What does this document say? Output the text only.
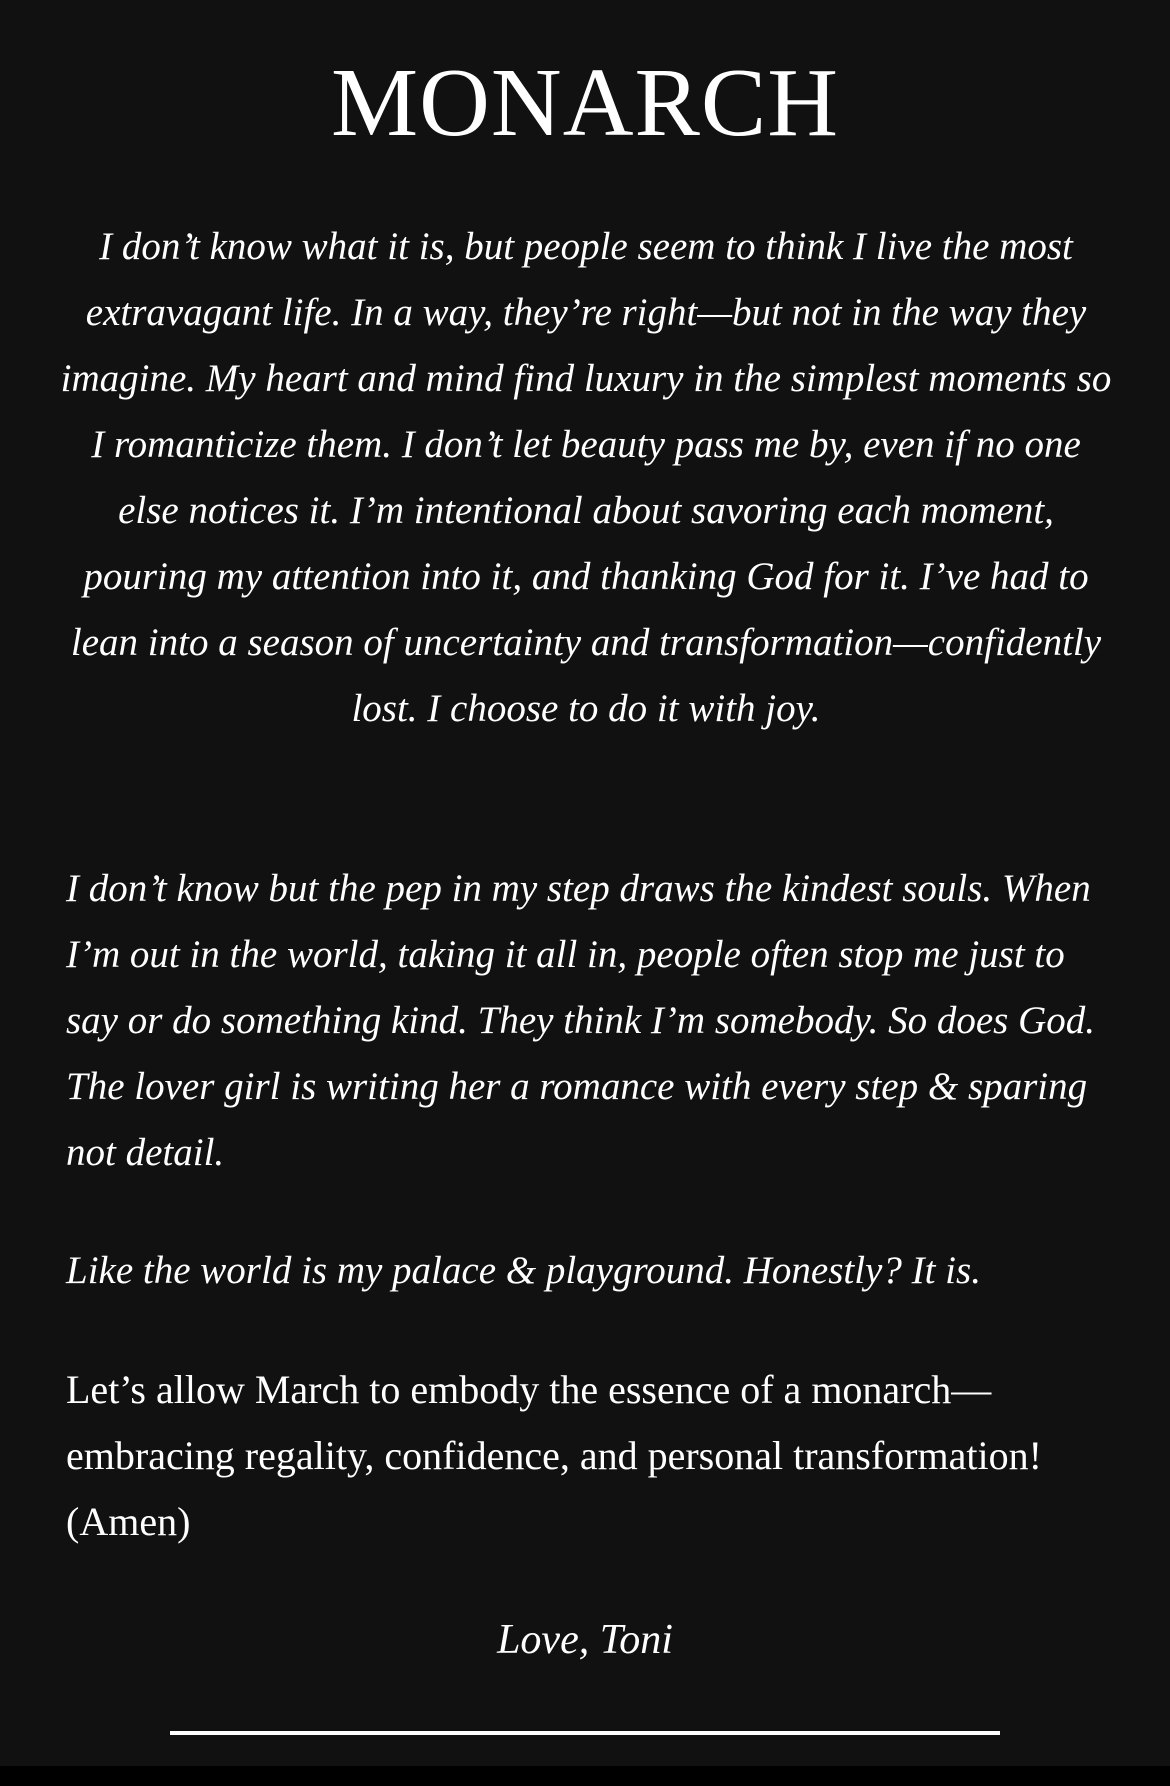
MONARCH

I don’t know what it is, but people seem to think I live the most extravagant life. In a way, they’re right—but not in the way they imagine. My heart and mind find luxury in the simplest moments so I romanticize them. I don’t let beauty pass me by, even if no one else notices it. I’m intentional about savoring each moment, pouring my attention into it, and thanking God for it. I’ve had to lean into a season of uncertainty and transformation—confidently lost. I choose to do it with joy.

I don’t know but the pep in my step draws the kindest souls. When I’m out in the world, taking it all in, people often stop me just to say or do something kind. They think I’m somebody. So does God. The lover girl is writing her a romance with every step & sparing not detail.

Like the world is my palace & playground. Honestly? It is.

Let’s allow March to embody the essence of a monarch—embracing regality, confidence, and personal transformation! (Amen)

Love, Toni
